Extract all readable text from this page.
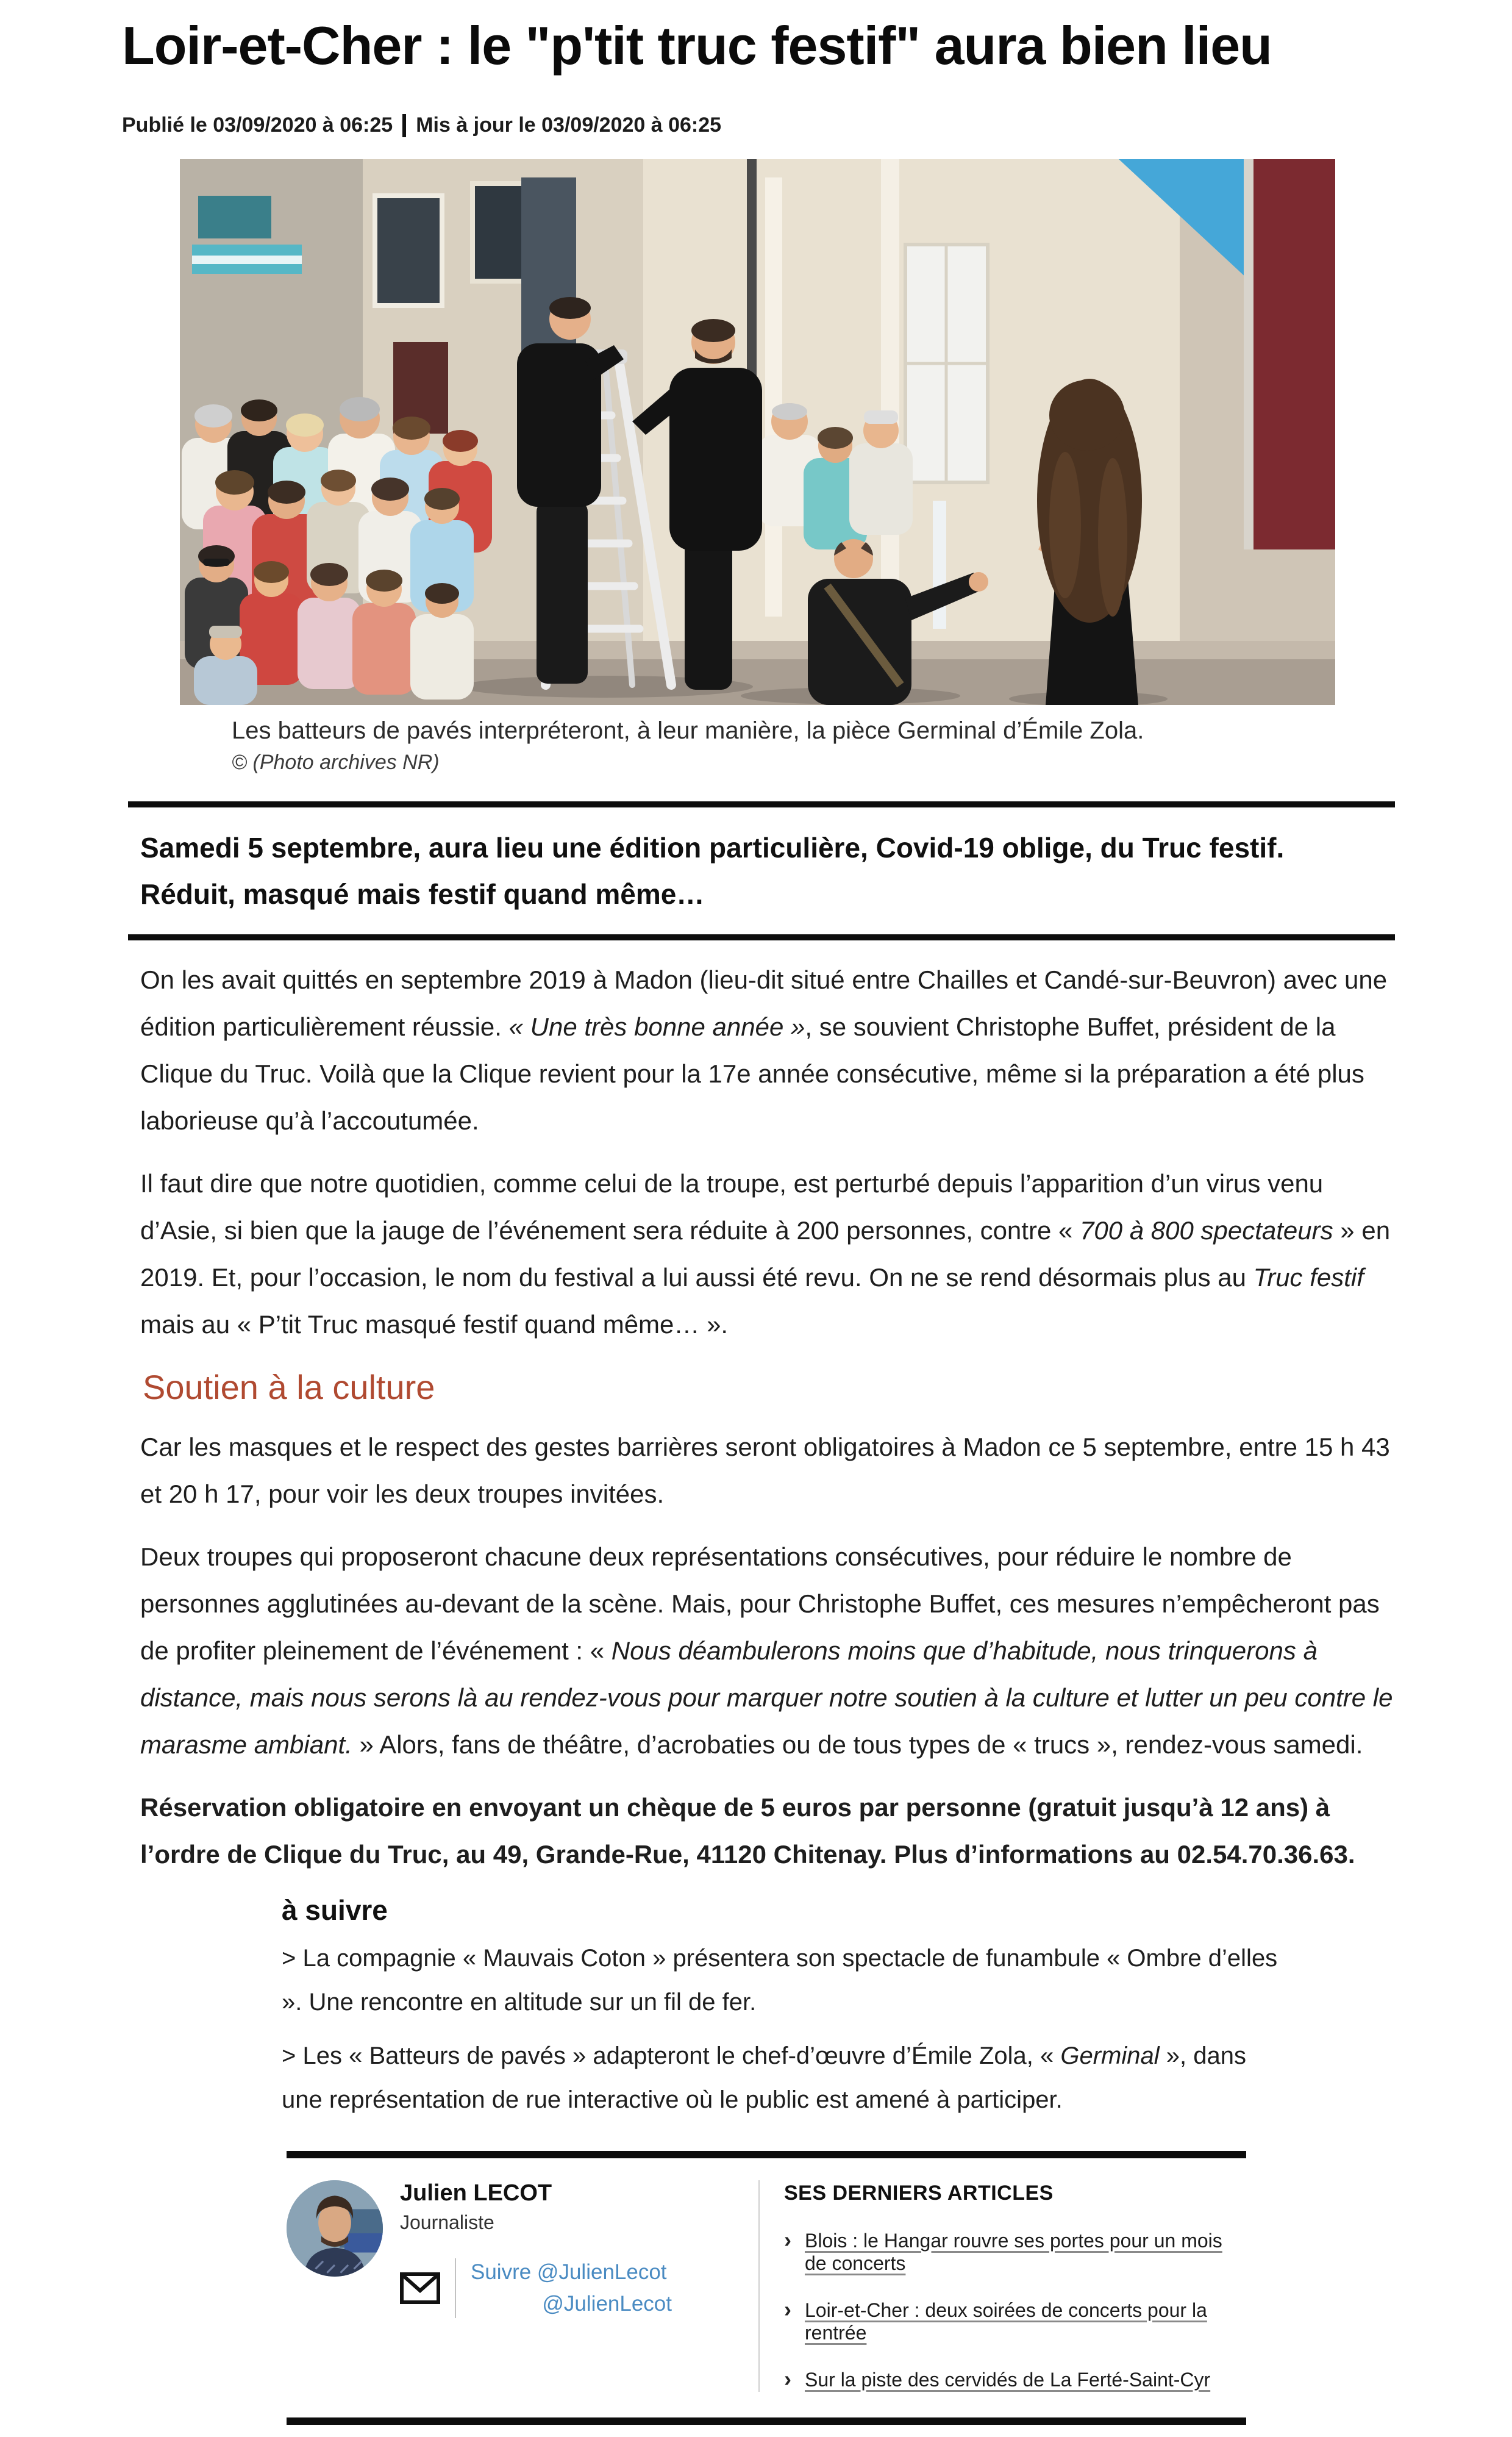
Loir-et-Cher : le "p'tit truc festif" aura bien lieu
Publié le 03/09/2020 à 06:25 Mis à jour le 03/09/2020 à 06:25
Les batteurs de pavés interpréteront, à leur manière, la pièce Germinal d’Émile Zola.
© (Photo archives NR)

Samedi 5 septembre, aura lieu une édition particulière, Covid-19 oblige, du Truc festif. Réduit, masqué mais festif quand même…

On les avait quittés en septembre 2019 à Madon (lieu-dit situé entre Chailles et Candé-sur-Beuvron) avec une édition particulièrement réussie. « Une très bonne année », se souvient Christophe Buffet, président de la Clique du Truc. Voilà que la Clique revient pour la 17e année consécutive, même si la préparation a été plus laborieuse qu’à l’accoutumée.

Il faut dire que notre quotidien, comme celui de la troupe, est perturbé depuis l’apparition d’un virus venu d’Asie, si bien que la jauge de l’événement sera réduite à 200 personnes, contre « 700 à 800 spectateurs » en 2019. Et, pour l’occasion, le nom du festival a lui aussi été revu. On ne se rend désormais plus au Truc festif mais au « P’tit Truc masqué festif quand même… ».

Soutien à la culture

Car les masques et le respect des gestes barrières seront obligatoires à Madon ce 5 septembre, entre 15 h 43 et 20 h 17, pour voir les deux troupes invitées.

Deux troupes qui proposeront chacune deux représentations consécutives, pour réduire le nombre de personnes agglutinées au-devant de la scène. Mais, pour Christophe Buffet, ces mesures n’empêcheront pas de profiter pleinement de l’événement : « Nous déambulerons moins que d’habitude, nous trinquerons à distance, mais nous serons là au rendez-vous pour marquer notre soutien à la culture et lutter un peu contre le marasme ambiant. » Alors, fans de théâtre, d’acrobaties ou de tous types de « trucs », rendez-vous samedi.

Réservation obligatoire en envoyant un chèque de 5 euros par personne (gratuit jusqu’à 12 ans) à l’ordre de Clique du Truc, au 49, Grande-Rue, 41120 Chitenay. Plus d’informations au 02.54.70.36.63.

à suivre

> La compagnie « Mauvais Coton » présentera son spectacle de funambule « Ombre d’elles ». Une rencontre en altitude sur un fil de fer.

> Les « Batteurs de pavés » adapteront le chef-d’œuvre d’Émile Zola, « Germinal », dans une représentation de rue interactive où le public est amené à participer.

Julien LECOT
Journaliste
Suivre @JulienLecot
@JulienLecot
SES DERNIERS ARTICLES
› Blois : le Hangar rouvre ses portes pour un mois de concerts
› Loir-et-Cher : deux soirées de concerts pour la rentrée
› Sur la piste des cervidés de La Ferté-Saint-Cyr
